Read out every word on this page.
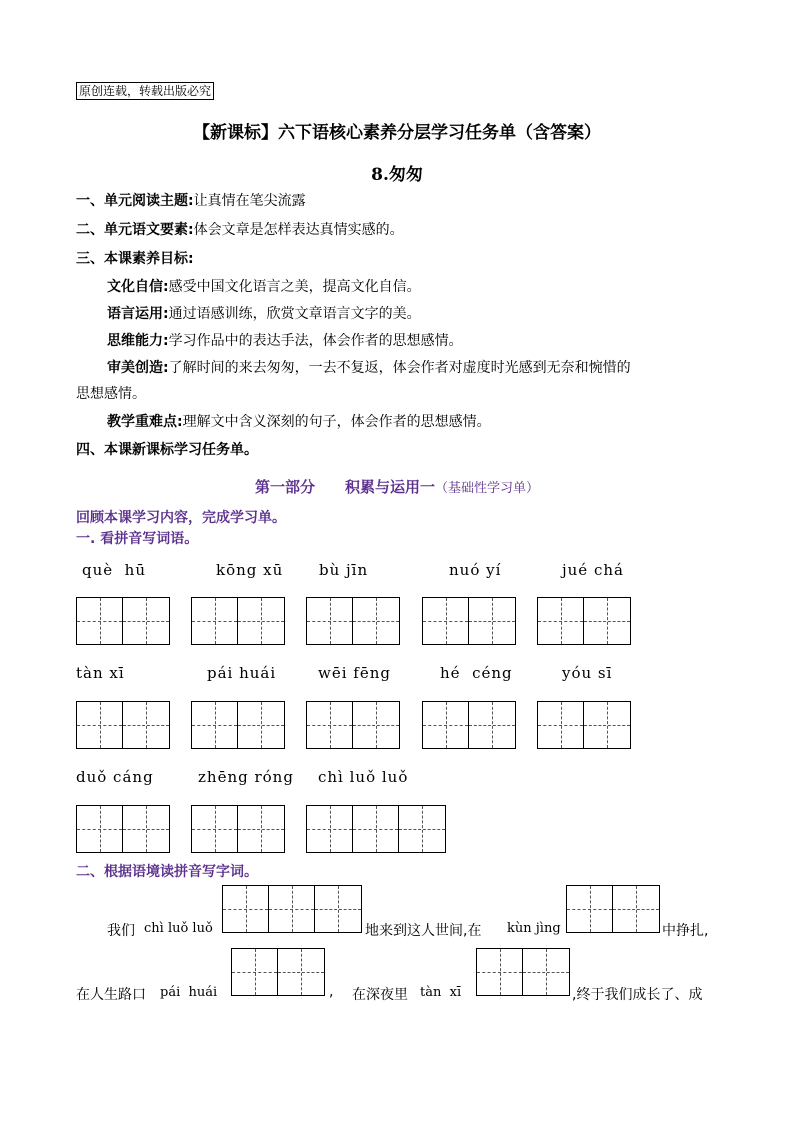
原创连载，转载出版必究
【新课标】六下语核心素养分层学习任务单（含答案）
8.匆匆
一、单元阅读主题:让真情在笔尖流露
二、单元语文要素:体会文章是怎样表达真情实感的。
三、本课素养目标:
文化自信:感受中国文化语言之美，提高文化自信。
语言运用:通过语感训练，欣赏文章语言文字的美。
思维能力:学习作品中的表达手法，体会作者的思想感情。
审美创造:了解时间的来去匆匆，一去不复返，体会作者对虚度时光感到无奈和惋惜的
思想感情。
教学重难点:理解文中含义深刻的句子，体会作者的思想感情。
四、本课新课标学习任务单。
第一部分 积累与运用一（基础性学习单）
回顾本课学习内容，完成学习单。
一. 看拼音写词语。
què  hū	kōng xū bù jīn	nuó yí	jué chá
tàn xī	pái huái	wēi fēng	hé  céng	yóu sī
duǒ cáng	zhēng róng chì luǒ luǒ
二、根据语境读拼音写字词。
我们 chì luǒ luǒ	地来到这人世间,在 kùn jìng	中挣扎,
在人生路口 pái  huái	, 在深夜里 tàn  xī	,终于我们成长了、成
